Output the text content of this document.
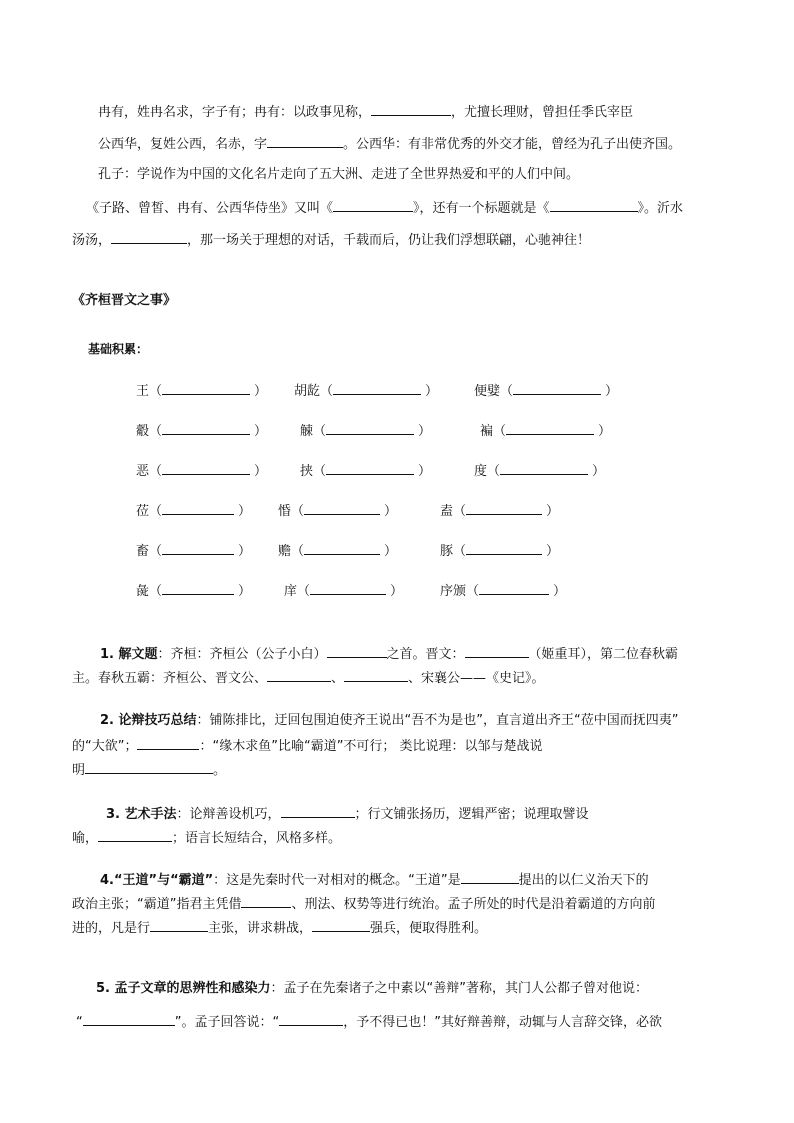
冉有，姓冉名求，字子有；冉有：以政事见称，	，尤擅长理财，曾担任季氏宰臣
公西华，复姓公西，名赤，字	。公西华：有非常优秀的外交才能，曾经为孔子出使齐国。
孔子：学说作为中国的文化名片走向了五大洲、走进了全世界热爱和平的人们中间。
《子路、曾皙、冉有、公西华侍坐》又叫《	》，还有一个标题就是《	》。沂水
汤汤，	，那一场关于理想的对话，千载而后，仍让我们浮想联翩，心驰神往！
《齐桓晋文之事》
基础积累：
王（	） 胡龁（	）	便嬖（	）
觳（	）	觫（	）	褊（	）
恶（	）	挟（	）	度（	）
莅（	） 惛（	）	盍（	）
畜（	） 赡（	）	豚（	）
彘（	）	庠（	）	序颁（	）
1. 解文题：齐桓：齐桓公（公子小白）	之首。晋文：	（姬重耳），第二位春秋霸
主。春秋五霸：齐桓公、晋文公、	、	、宋襄公——《史记》。
2. 论辩技巧总结：铺陈排比，迂回包围迫使齐王说出“吾不为是也”，直言道出齐王“莅中国而抚四夷”
的“大欲”；	：“缘木求鱼”比喻“霸道”不可行； 类比说理：以邹与楚战说
明	。
3. 艺术手法：论辩善设机巧，	；行文铺张扬历，逻辑严密；说理取譬设
喻，	；语言长短结合，风格多样。
4.“王道”与“霸道”：这是先秦时代一对相对的概念。“王道”是	提出的以仁义治天下的
政治主张；“霸道”指君主凭借	、刑法、权势等进行统治。孟子所处的时代是沿着霸道的方向前
进的，凡是行	主张，讲求耕战，	强兵，便取得胜利。
5. 孟子文章的思辨性和感染力：孟子在先秦诸子之中素以“善辩”著称，其门人公都子曾对他说：
“	”。孟子回答说：“	，予不得已也！”其好辩善辩，动辄与人言辞交锋，必欲
